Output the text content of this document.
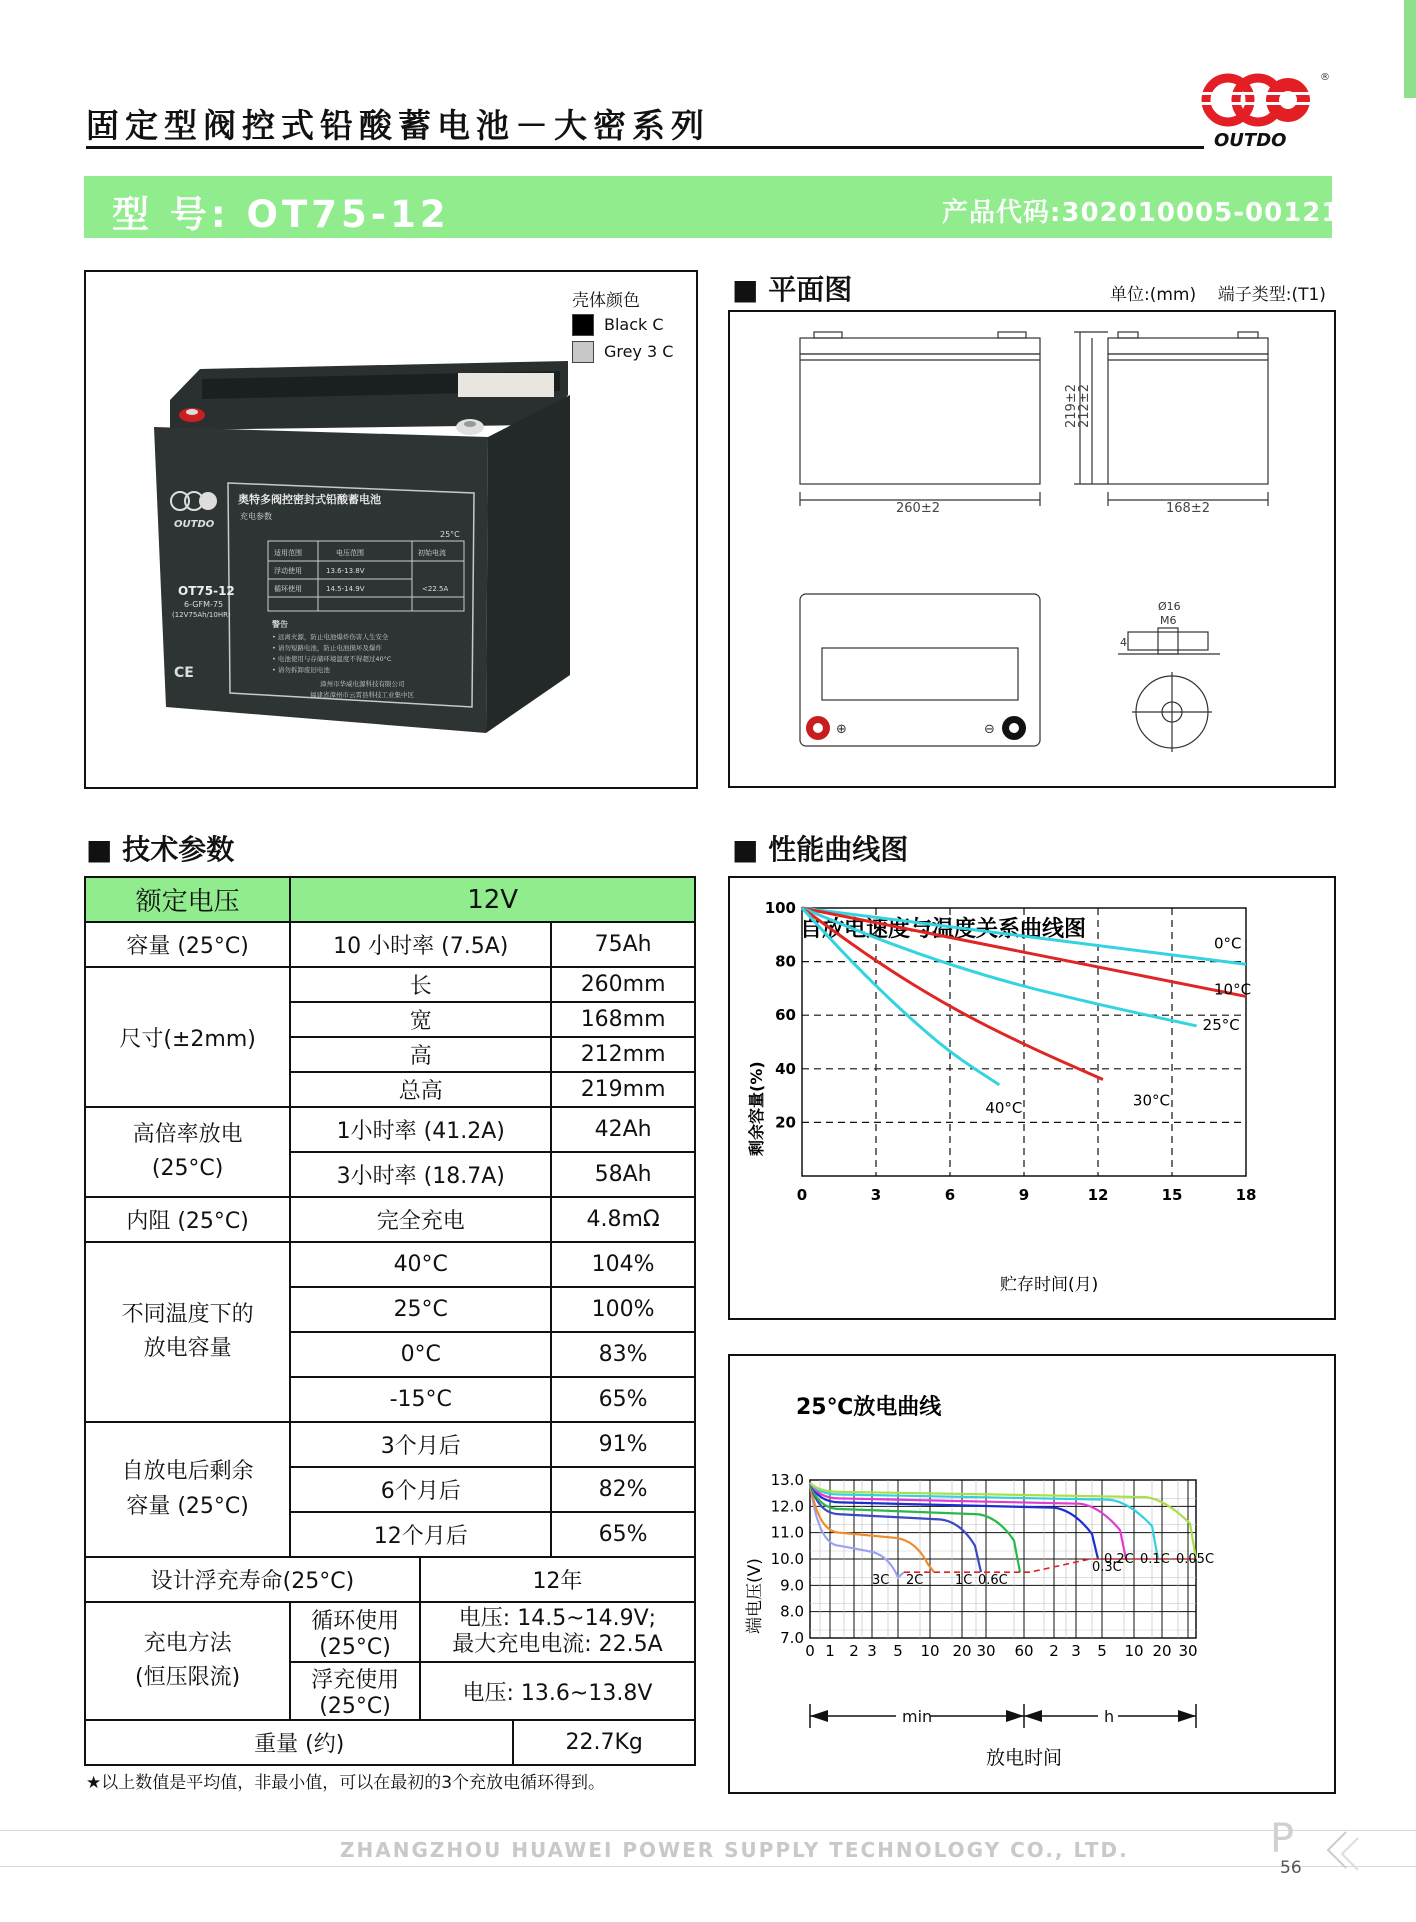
固定型阀控式铅酸蓄电池－大密系列
®
OUTDO
型 号: OT75-12	产品代码:302010005-00121
壳体颜色
Black C
Grey 3 C
OUTDO
奥特多阀控密封式铅酸蓄电池
充电参数
25°C
适用范围	电压范围	初始电流
浮动使用	13.6-13.8V
循环使用	14.5-14.9V	<22.5A
OT75-12
6-GFM-75
(12V75Ah/10HR)
CE
警告
• 远离火源，防止电池爆炸伤害人生安全
• 请勿短路电池，防止电池损坏及爆炸
• 电池使用与存储环境温度不得超过40°C
• 请勿拆卸废旧电池
漳州市华威电源科技有限公司
福建省漳州市云霄县科技工业集中区
■ 平面图	单位:(mm) 端子类型:(T1)
⊕	⊖
260±2	168±2
219±2
212±2
Ø16
M6
4
■ 技术参数
额定电压	12V			
容量 (25°C)	10 小时率 (7.5A)			75Ah
尺寸(±2mm)	长			260mm
	宽			168mm
	高			212mm
	总高			219mm
高倍率放电
(25°C)	1小时率 (41.2A)			42Ah
	3小时率 (18.7A)			58Ah
内阻 (25°C)	完全充电			4.8mΩ
不同温度下的
放电容量	40°C			104%
	25°C			100%
	0°C			83%
	-15°C			65%
自放电后剩余
容量 (25°C)	3个月后			91%
	6个月后			82%
	12个月后			65%
设计浮充寿命(25°C)		12年		
充电方法
(恒压限流)	循环使用 (25°C)	电压: 14.5~14.9V;
最大充电电流: 22.5A		
	浮充使用 (25°C)	电压: 13.6~13.8V		
重量 (约)			22.7Kg	
★以上数值是平均值，非最小值，可以在最初的3个充放电循环得到。
■ 性能曲线图
自放电速度与温度关系曲线图
0	3	6	9	12	15	18
20
40
60
80
100
0°C
10°C
25°C
30°C
40°C
贮存时间(月)
剩余容量(%)
25℃放电曲线
13.0
12.0
11.0
10.0
9.0
8.0
7.0
0 1 2 3 5 10 20 30 60 2 3 5 10 20 30
min	h
3C 2C 1C 0.6C
0.3C
0.2C 0.1C 0.05C
端电压(V)
放电时间
ZHANGZHOU HUAWEI POWER SUPPLY TECHNOLOGY CO., LTD.	P
56
